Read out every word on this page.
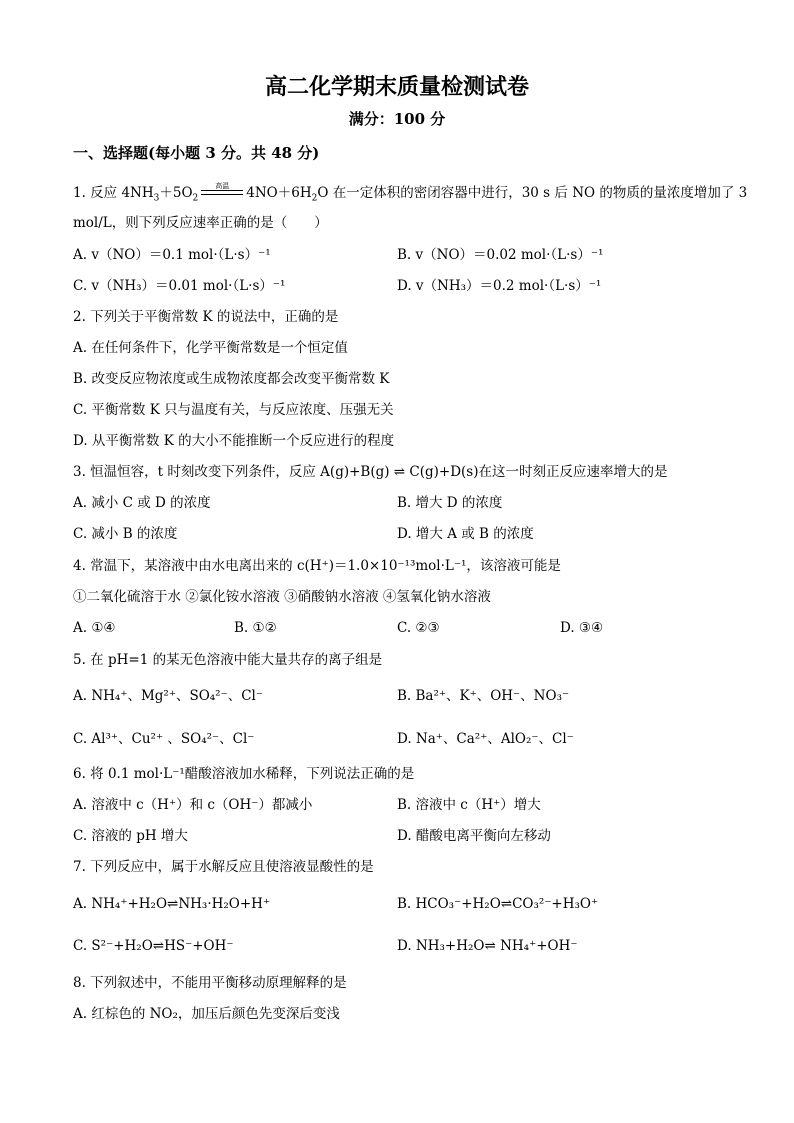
高二化学期末质量检测试卷
满分：100 分
一、选择题(每小题 3 分。共 48 分)
1. 反应 $4NH_3+5O_2$
高温	$4NO+6H_2O$ 在一定体积的密闭容器中进行，30 s 后 NO 的物质的量浓度增加了 3
mol/L，则下列反应速率正确的是（　　）
A. v（NO）＝0.1 mol·（L·s）⁻¹	B. v（NO）＝0.02 mol·（L·s）⁻¹
C. v（NH₃）＝0.01 mol·（L·s）⁻¹	D. v（NH₃）＝0.2 mol·（L·s）⁻¹
2. 下列关于平衡常数 K 的说法中，正确的是
A. 在任何条件下，化学平衡常数是一个恒定值
B. 改变反应物浓度或生成物浓度都会改变平衡常数 K
C. 平衡常数 K 只与温度有关，与反应浓度、压强无关
D. 从平衡常数 K 的大小不能推断一个反应进行的程度
3. 恒温恒容，t 时刻改变下列条件，反应 A(g)+B(g) ⇌ C(g)+D(s)在这一时刻正反应速率增大的是
A. 减小 C 或 D 的浓度	B. 增大 D 的浓度
C. 减小 B 的浓度	D. 增大 A 或 B 的浓度
4. 常温下，某溶液中由水电离出来的 c(H⁺)＝1.0×10⁻¹³mol·L⁻¹，该溶液可能是
①二氧化硫溶于水 ②氯化铵水溶液 ③硝酸钠水溶液 ④氢氧化钠水溶液
A. ①④	B. ①②	C. ②③	D. ③④
5. 在 pH=1 的某无色溶液中能大量共存的离子组是
A. NH₄⁺、Mg²⁺、SO₄²⁻、Cl⁻	B. Ba²⁺、K⁺、OH⁻、NO₃⁻
C. Al³⁺、Cu²⁺ 、SO₄²⁻、Cl⁻	D. Na⁺、Ca²⁺、AlO₂⁻、Cl⁻
6. 将 0.1 mol·L⁻¹醋酸溶液加水稀释，下列说法正确的是
A. 溶液中 c（H⁺）和 c（OH⁻）都减小	B. 溶液中 c（H⁺）增大
C. 溶液的 pH 增大	D. 醋酸电离平衡向左移动
7. 下列反应中，属于水解反应且使溶液显酸性的是
A. NH₄⁺+H₂O⇌NH₃·H₂O+H⁺	B. HCO₃⁻+H₂O⇌CO₃²⁻+H₃O⁺
C. S²⁻+H₂O⇌HS⁻+OH⁻	D. NH₃+H₂O⇌ NH₄⁺+OH⁻
8. 下列叙述中，不能用平衡移动原理解释的是
A. 红棕色的 NO₂，加压后颜色先变深后变浅
